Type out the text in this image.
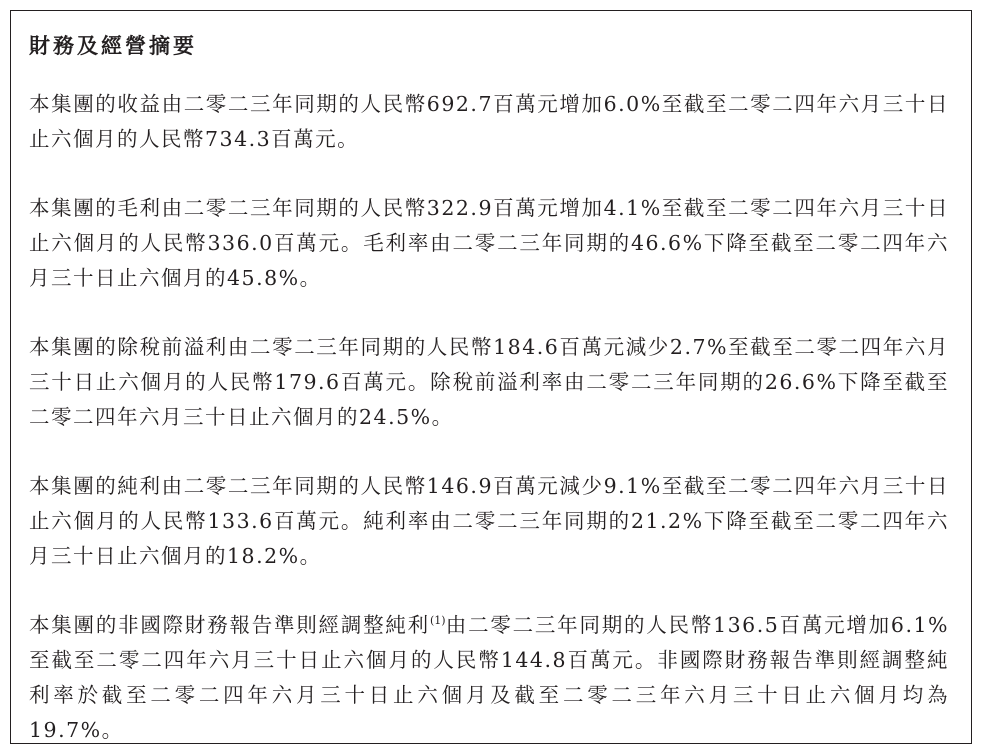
財務及經營摘要

本集團的收益由二零二三年同期的人民幣692.7百萬元增加6.0%至截至二零二四年六月三十日止六個月的人民幣734.3百萬元。

本集團的毛利由二零二三年同期的人民幣322.9百萬元增加4.1%至截至二零二四年六月三十日止六個月的人民幣336.0百萬元。毛利率由二零二三年同期的46.6%下降至截至二零二四年六月三十日止六個月的45.8%。

本集團的除稅前溢利由二零二三年同期的人民幣184.6百萬元減少2.7%至截至二零二四年六月三十日止六個月的人民幣179.6百萬元。除稅前溢利率由二零二三年同期的26.6%下降至截至二零二四年六月三十日止六個月的24.5%。

本集團的純利由二零二三年同期的人民幣146.9百萬元減少9.1%至截至二零二四年六月三十日止六個月的人民幣133.6百萬元。純利率由二零二三年同期的21.2%下降至截至二零二四年六月三十日止六個月的18.2%。

本集團的非國際財務報告準則經調整純利$^{(1)}$由二零二三年同期的人民幣136.5百萬元增加6.1%至截至二零二四年六月三十日止六個月的人民幣144.8百萬元。非國際財務報告準則經調整純利率於截至二零二四年六月三十日止六個月及截至二零二三年六月三十日止六個月均為19.7%。
